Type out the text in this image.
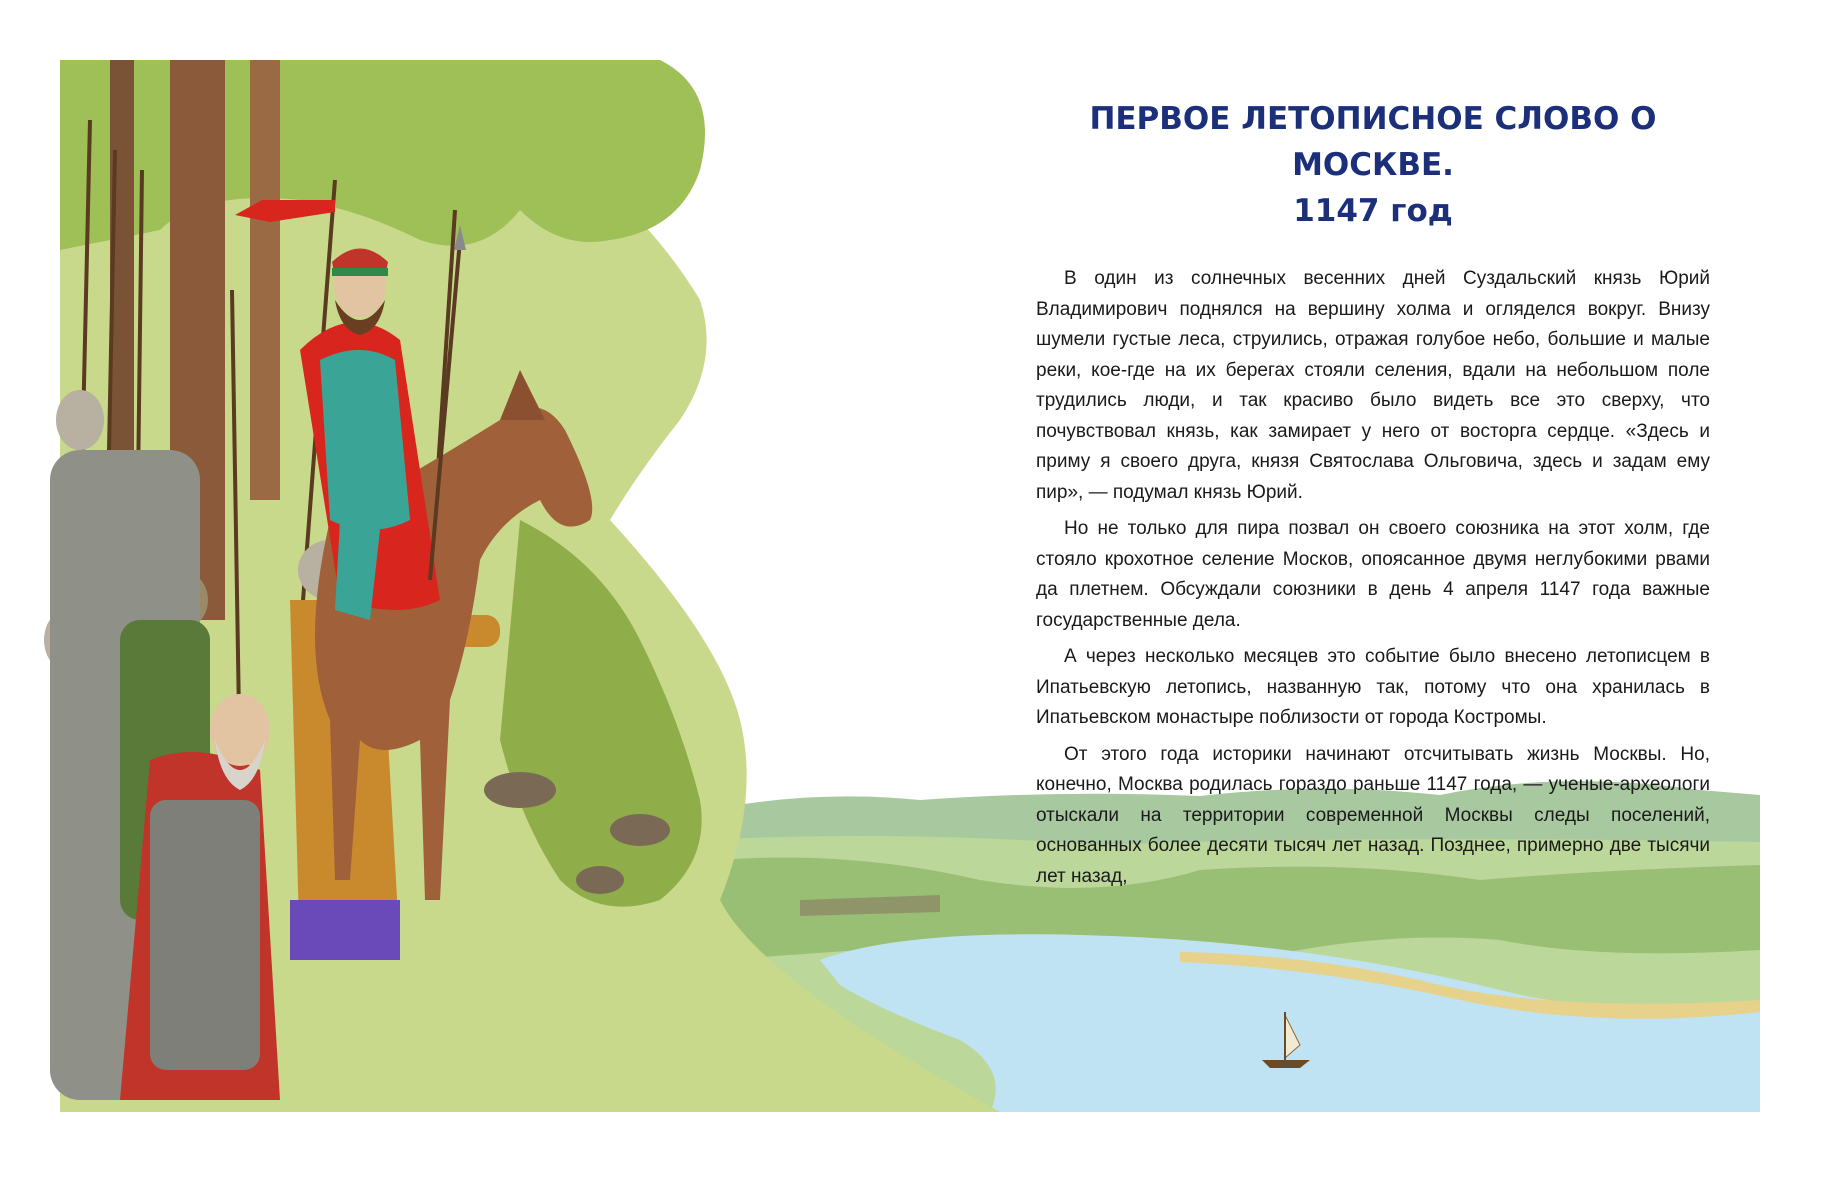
ПЕРВОЕ ЛЕТОПИСНОЕ СЛОВО О МОСКВЕ.
1147 год

В один из солнечных весенних дней Суздальский князь Юрий Владимирович поднялся на вершину холма и огляделся вокруг. Внизу шумели густые леса, струились, отражая голубое небо, большие и малые реки, кое-где на их берегах стояли селения, вдали на небольшом поле трудились люди, и так красиво было видеть все это сверху, что почувствовал князь, как замирает у него от восторга сердце. «Здесь и приму я своего друга, князя Святослава Ольговича, здесь и задам ему пир», — подумал князь Юрий.

Но не только для пира позвал он своего союзника на этот холм, где стояло крохотное селение Москов, опоясанное двумя неглубокими рвами да плетнем. Обсуждали союзники в день 4 апреля 1147 года важные государственные дела.

А через несколько месяцев это событие было внесено летописцем в Ипатьевскую летопись, названную так, потому что она хранилась в Ипатьевском монастыре поблизости от города Костромы.

От этого года историки начинают отсчитывать жизнь Москвы. Но, конечно, Москва родилась гораздо раньше 1147 года, — ученые-археологи отыскали на территории современной Москвы следы поселений, основанных более десяти тысяч лет назад. Позднее, примерно две тысячи лет назад,
